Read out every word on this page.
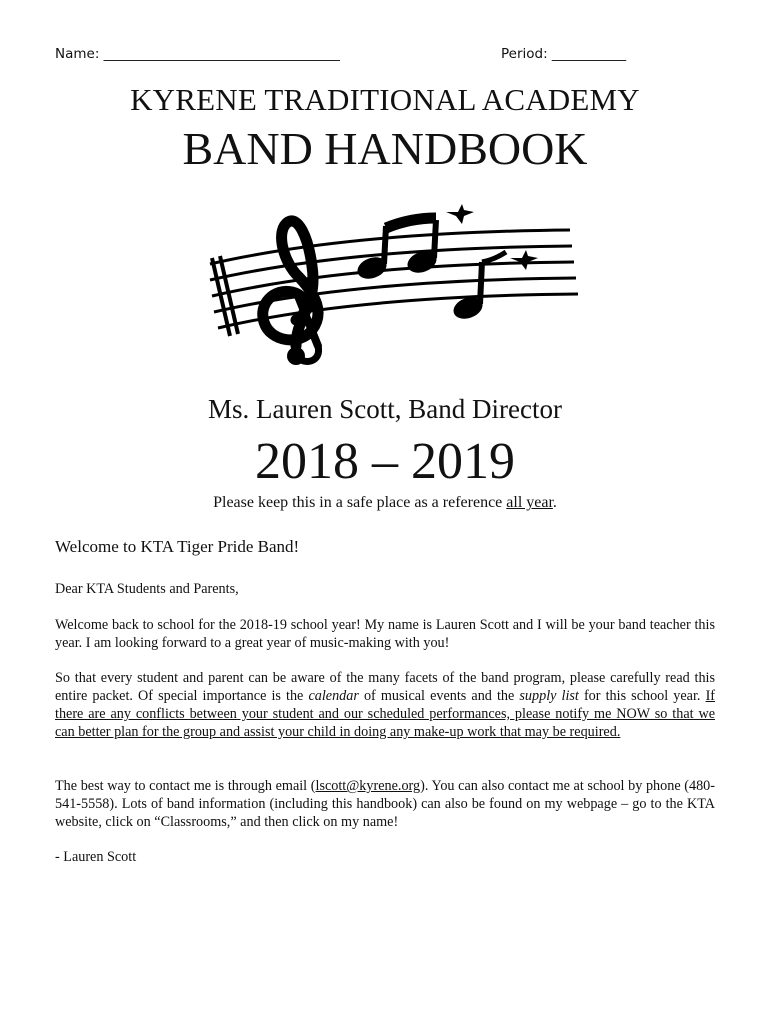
Name: ___________________________________	Period: ___________
KYRENE TRADITIONAL ACADEMY
BAND HANDBOOK
Ms. Lauren Scott, Band Director
2018 – 2019
Please keep this in a safe place as a reference all year.
Welcome to KTA Tiger Pride Band!
Dear KTA Students and Parents,
Welcome back to school for the 2018-19 school year! My name is Lauren Scott and I will be your band teacher this year. I am looking forward to a great year of music-making with you!
So that every student and parent can be aware of the many facets of the band program, please carefully read this entire packet. Of special importance is the calendar of musical events and the supply list for this school year. If there are any conflicts between your student and our scheduled performances, please notify me NOW so that we can better plan for the group and assist your child in doing any make-up work that may be required.
The best way to contact me is through email (lscott@kyrene.org). You can also contact me at school by phone (480-541-5558). Lots of band information (including this handbook) can also be found on my webpage – go to the KTA website, click on “Classrooms,” and then click on my name!
- Lauren Scott
